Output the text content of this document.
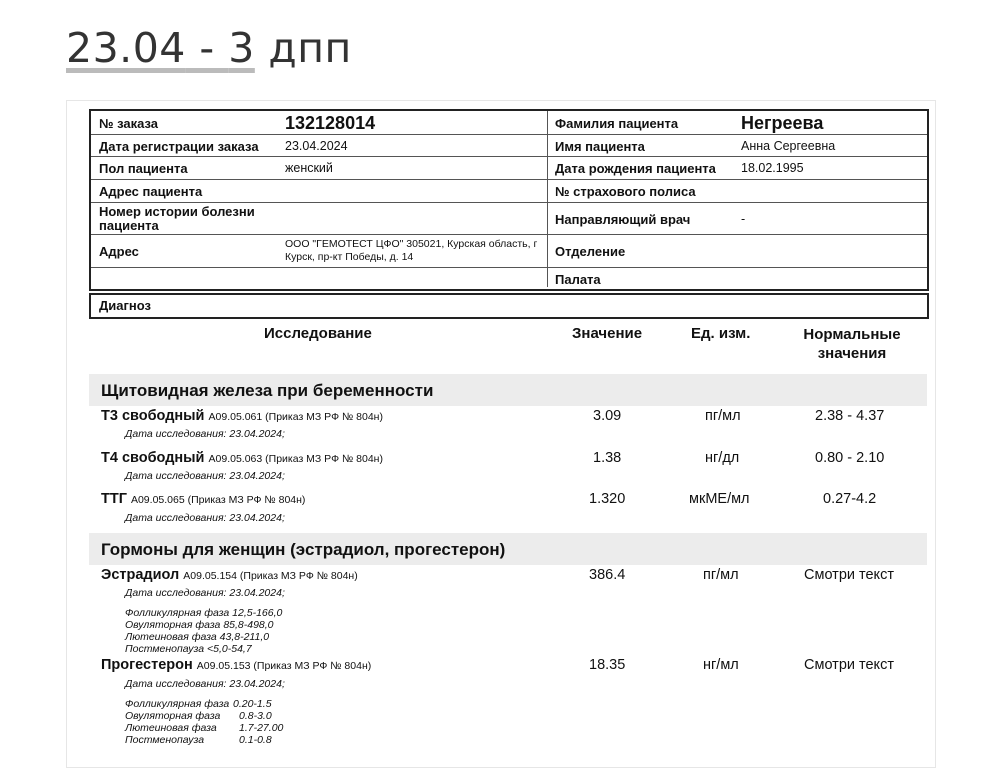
23.04 - 3 дпп
№ заказа	132128014
Дата регистрации заказа 23.04.2024
Пол пациента	женский
Адрес пациента
Номер истории болезни пациента
Адрес	ООО "ГЕМОТЕСТ ЦФО" 305021, Курская область, г Курск, пр-кт Победы, д. 14
Фамилия пациента	Негреева
Имя пациента	Анна Сергеевна
Дата рождения пациента 18.02.1995
№ страхового полиса
Направляющий врач	-
Отделение
Палата
Диагноз
Исследование	Значение	Ед. изм.	Нормальные значения
Щитовидная железа при беременности
Т3 свободный A09.05.061 (Приказ МЗ РФ № 804н)
Дата исследования: 23.04.2024;
3.09	пг/мл	2.38 - 4.37
Т4 свободный A09.05.063 (Приказ МЗ РФ № 804н)
Дата исследования: 23.04.2024;
1.38	нг/дл	0.80 - 2.10
ТТГ A09.05.065 (Приказ МЗ РФ № 804н)
Дата исследования: 23.04.2024;
1.320	мкМЕ/мл	0.27-4.2
Гормоны для женщин (эстрадиол, прогестерон)
Эстрадиол A09.05.154 (Приказ МЗ РФ № 804н)
Дата исследования: 23.04.2024;
386.4	пг/мл	Смотри текст
Фолликулярная фаза 12,5-166,0
Овуляторная фаза 85,8-498,0
Лютеиновая фаза 43,8-211,0
Постменопауза <5,0-54,7
Прогестерон A09.05.153 (Приказ МЗ РФ № 804н)
Дата исследования: 23.04.2024;
18.35	нг/мл	Смотри текст
Фолликулярная фаза 0.20-1.5
Овуляторная фаза 0.8-3.0
Лютеиновая фаза 1.7-27.00
Постменопауза	0.1-0.8
